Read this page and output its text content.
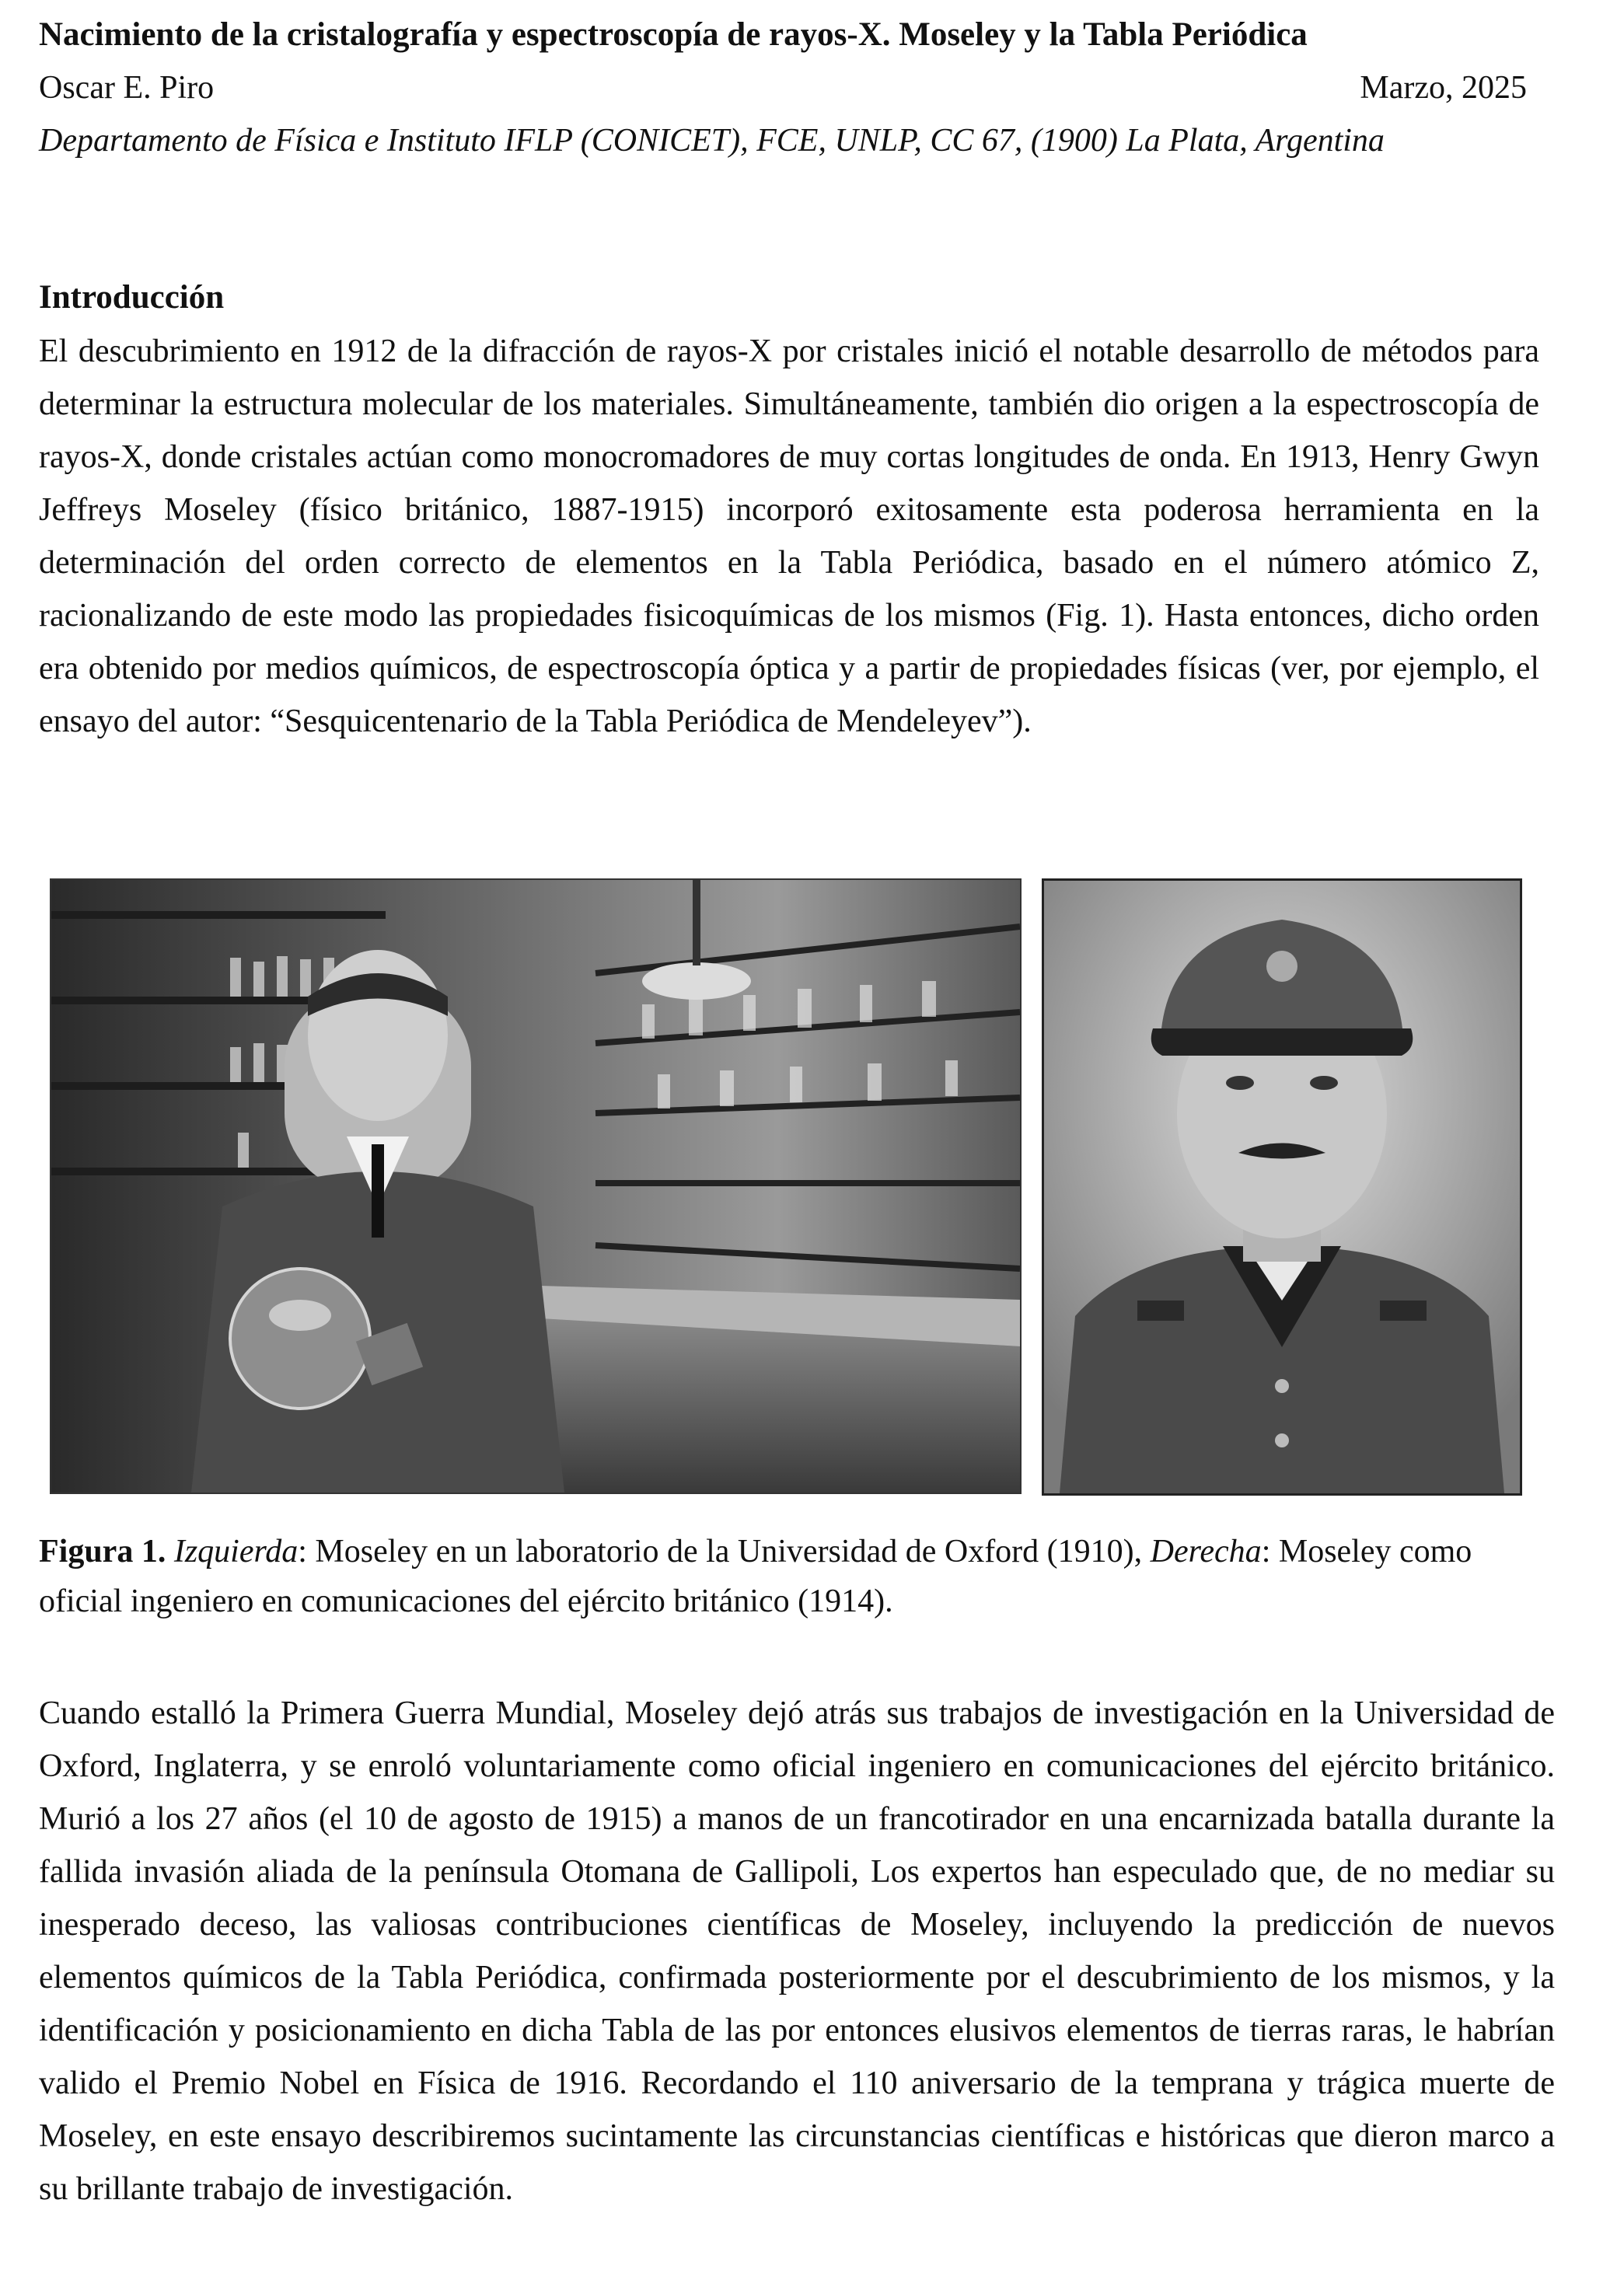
Nacimiento de la cristalografía y espectroscopía de rayos-X. Moseley y la Tabla Periódica
Oscar E. Piro	Marzo, 2025
Departamento de Física e Instituto IFLP (CONICET), FCE, UNLP, CC 67, (1900) La Plata, Argentina
Introducción
El descubrimiento en 1912 de la difracción de rayos-X por cristales inició el notable desarrollo de métodos para determinar la estructura molecular de los materiales. Simultáneamente, también dio origen a la espectroscopía de rayos-X, donde cristales actúan como monocromadores de muy cortas longitudes de onda. En 1913, Henry Gwyn Jeffreys Moseley (físico británico, 1887-1915) incorporó exitosamente esta poderosa herramienta en la determinación del orden correcto de elementos en la Tabla Periódica, basado en el número atómico Z, racionalizando de este modo las propiedades fisicoquímicas de los mismos (Fig. 1). Hasta entonces, dicho orden era obtenido por medios químicos, de espectroscopía óptica y a partir de propiedades físicas (ver, por ejemplo, el ensayo del autor: “Sesquicentenario de la Tabla Periódica de Mendeleyev”).
Figura 1. Izquierda: Moseley en un laboratorio de la Universidad de Oxford (1910), Derecha: Moseley como oficial ingeniero en comunicaciones del ejército británico (1914).
Cuando estalló la Primera Guerra Mundial, Moseley dejó atrás sus trabajos de investigación en la Universidad de Oxford, Inglaterra, y se enroló voluntariamente como oficial ingeniero en comunicaciones del ejército británico. Murió a los 27 años (el 10 de agosto de 1915) a manos de un francotirador en una encarnizada batalla durante la fallida invasión aliada de la península Otomana de Gallipoli, Los expertos han especulado que, de no mediar su inesperado deceso, las valiosas contribuciones científicas de Moseley, incluyendo la predicción de nuevos elementos químicos de la Tabla Periódica, confirmada posteriormente por el descubrimiento de los mismos, y la identificación y posicionamiento en dicha Tabla de las por entonces elusivos elementos de tierras raras, le habrían valido el Premio Nobel en Física de 1916. Recordando el 110 aniversario de la temprana y trágica muerte de Moseley, en este ensayo describiremos sucintamente las circunstancias científicas e históricas que dieron marco a su brillante trabajo de investigación.
